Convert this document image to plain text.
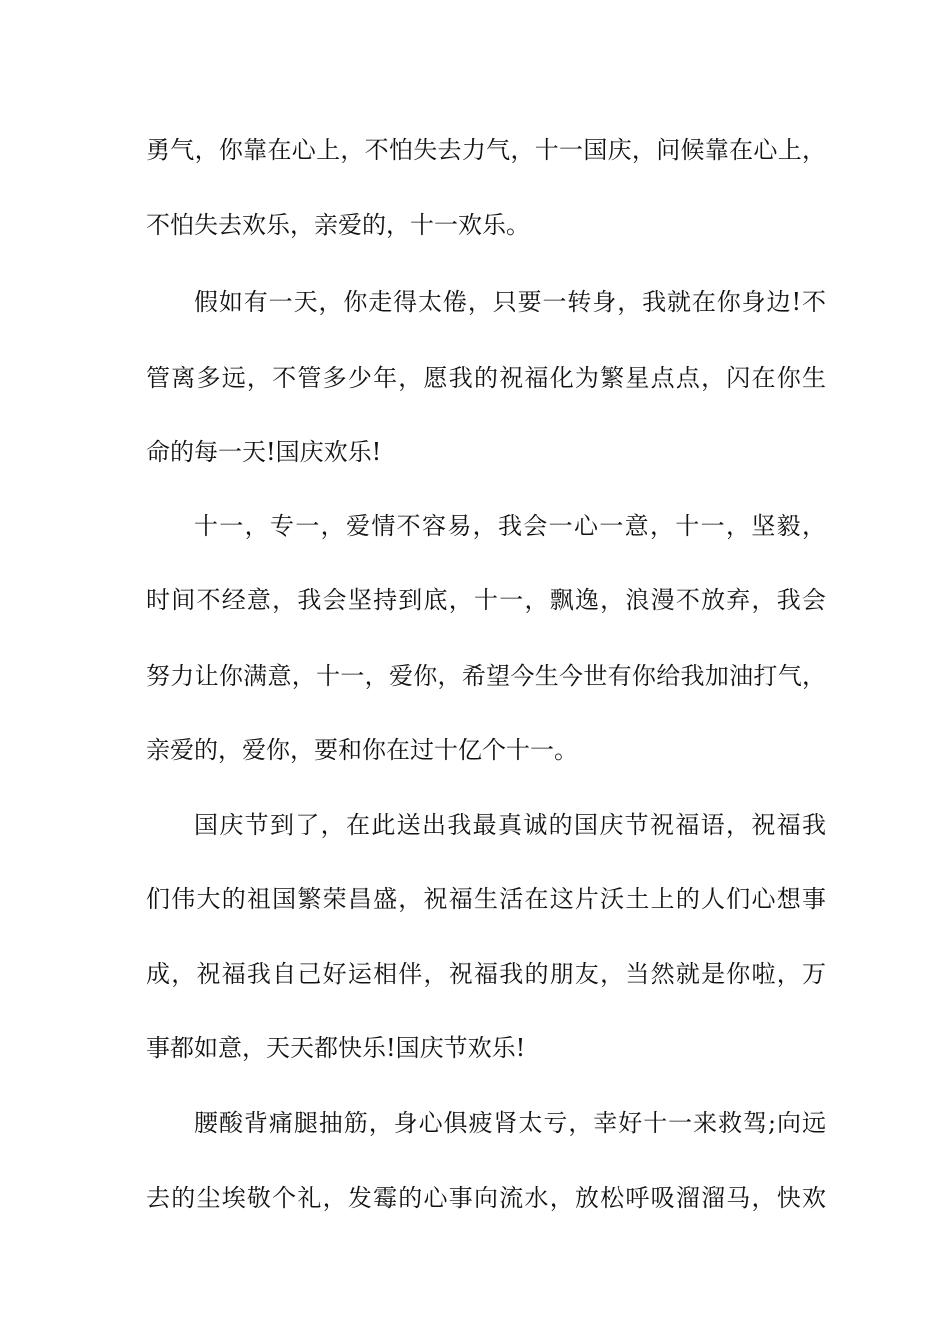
勇气，你靠在心上，不怕失去力气，十一国庆，问候靠在心上，
不怕失去欢乐，亲爱的，十一欢乐。
假如有一天，你走得太倦，只要一转身，我就在你身边!不
管离多远，不管多少年，愿我的祝福化为繁星点点，闪在你生
命的每一天!国庆欢乐!
十一，专一，爱情不容易，我会一心一意，十一，坚毅，
时间不经意，我会坚持到底，十一，飘逸，浪漫不放弃，我会
努力让你满意，十一，爱你，希望今生今世有你给我加油打气，
亲爱的，爱你，要和你在过十亿个十一。
国庆节到了，在此送出我最真诚的国庆节祝福语，祝福我
们伟大的祖国繁荣昌盛，祝福生活在这片沃土上的人们心想事
成，祝福我自己好运相伴，祝福我的朋友，当然就是你啦，万
事都如意，天天都快乐!国庆节欢乐!
腰酸背痛腿抽筋，身心俱疲肾太亏，幸好十一来救驾;向远
去的尘埃敬个礼，发霉的心事向流水，放松呼吸溜溜马，快欢
